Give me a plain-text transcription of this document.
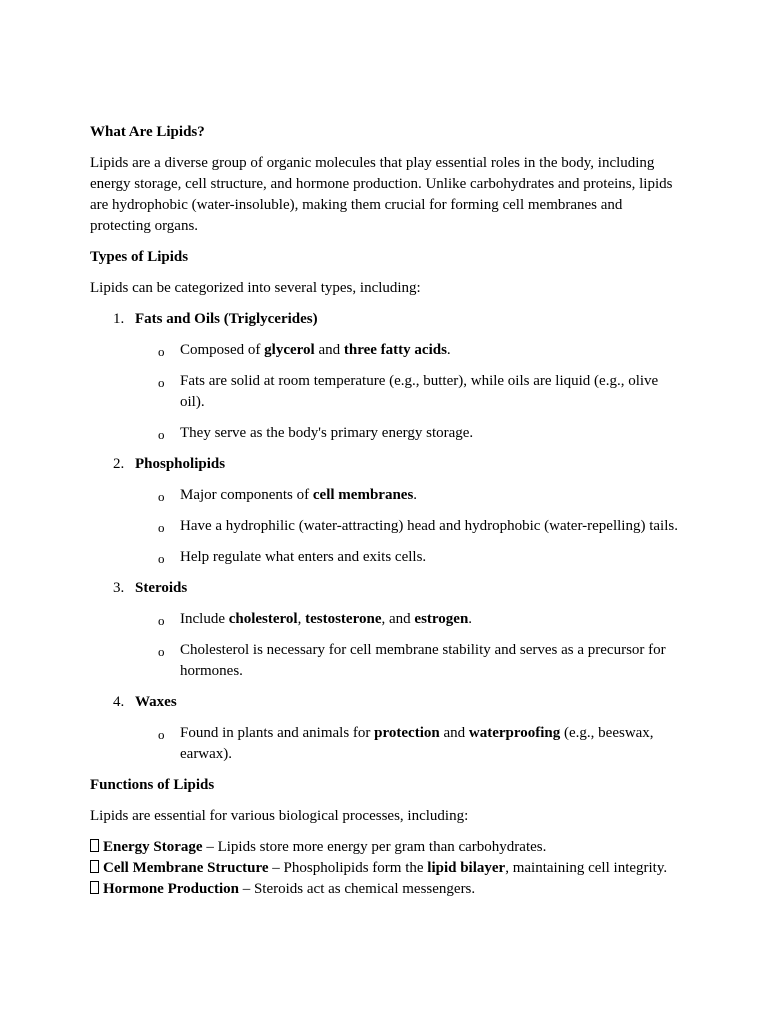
What Are Lipids?

Lipids are a diverse group of organic molecules that play essential roles in the body, including energy storage, cell structure, and hormone production. Unlike carbohydrates and proteins, lipids are hydrophobic (water-insoluble), making them crucial for forming cell membranes and protecting organs.

Types of Lipids

Lipids can be categorized into several types, including:

1. Fats and Oils (Triglycerides)
o Composed of glycerol and three fatty acids.
o Fats are solid at room temperature (e.g., butter), while oils are liquid (e.g., olive oil).
o They serve as the body's primary energy storage.
2. Phospholipids
o Major components of cell membranes.
o Have a hydrophilic (water-attracting) head and hydrophobic (water-repelling) tails.
o Help regulate what enters and exits cells.
3. Steroids
o Include cholesterol, testosterone, and estrogen.
o Cholesterol is necessary for cell membrane stability and serves as a precursor for hormones.
4. Waxes
o Found in plants and animals for protection and waterproofing (e.g., beeswax, earwax).

Functions of Lipids

Lipids are essential for various biological processes, including:

Energy Storage – Lipids store more energy per gram than carbohydrates.

Cell Membrane Structure – Phospholipids form the lipid bilayer, maintaining cell integrity.

Hormone Production – Steroids act as chemical messengers.
